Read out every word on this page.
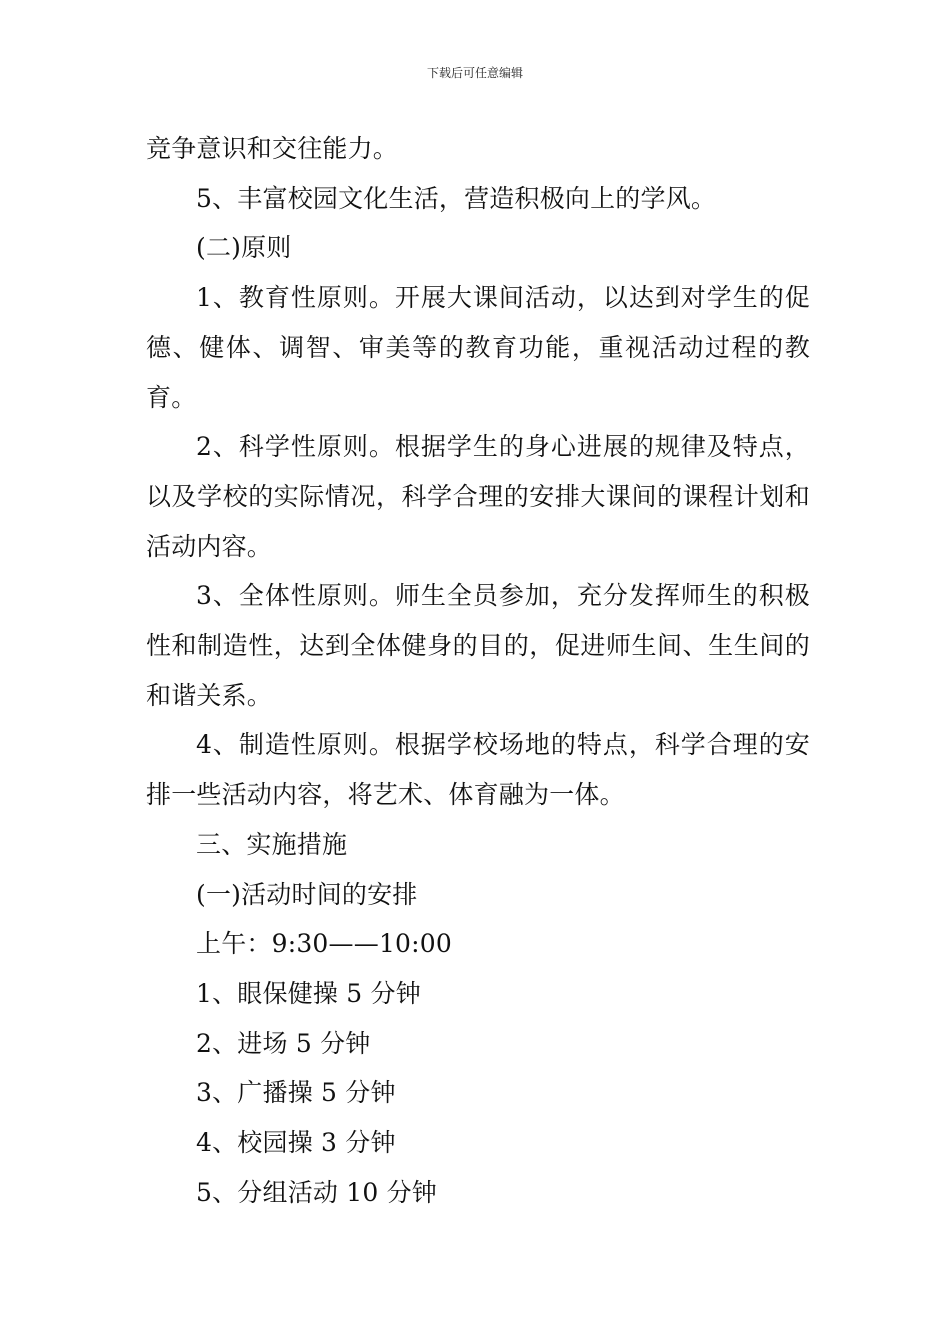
下载后可任意编辑

竞争意识和交往能力。

5、丰富校园文化生活，营造积极向上的学风。

(二)原则

1、教育性原则。开展大课间活动，以达到对学生的促德、健体、调智、审美等的教育功能，重视活动过程的教育。

2、科学性原则。根据学生的身心进展的规律及特点，以及学校的实际情况，科学合理的安排大课间的课程计划和活动内容。

3、全体性原则。师生全员参加，充分发挥师生的积极性和制造性，达到全体健身的目的，促进师生间、生生间的和谐关系。

4、制造性原则。根据学校场地的特点，科学合理的安排一些活动内容，将艺术、体育融为一体。

三、实施措施

(一)活动时间的安排

上午：9:30——10:00

1、眼保健操 5 分钟

2、进场 5 分钟

3、广播操 5 分钟

4、校园操 3 分钟

5、分组活动 10 分钟
